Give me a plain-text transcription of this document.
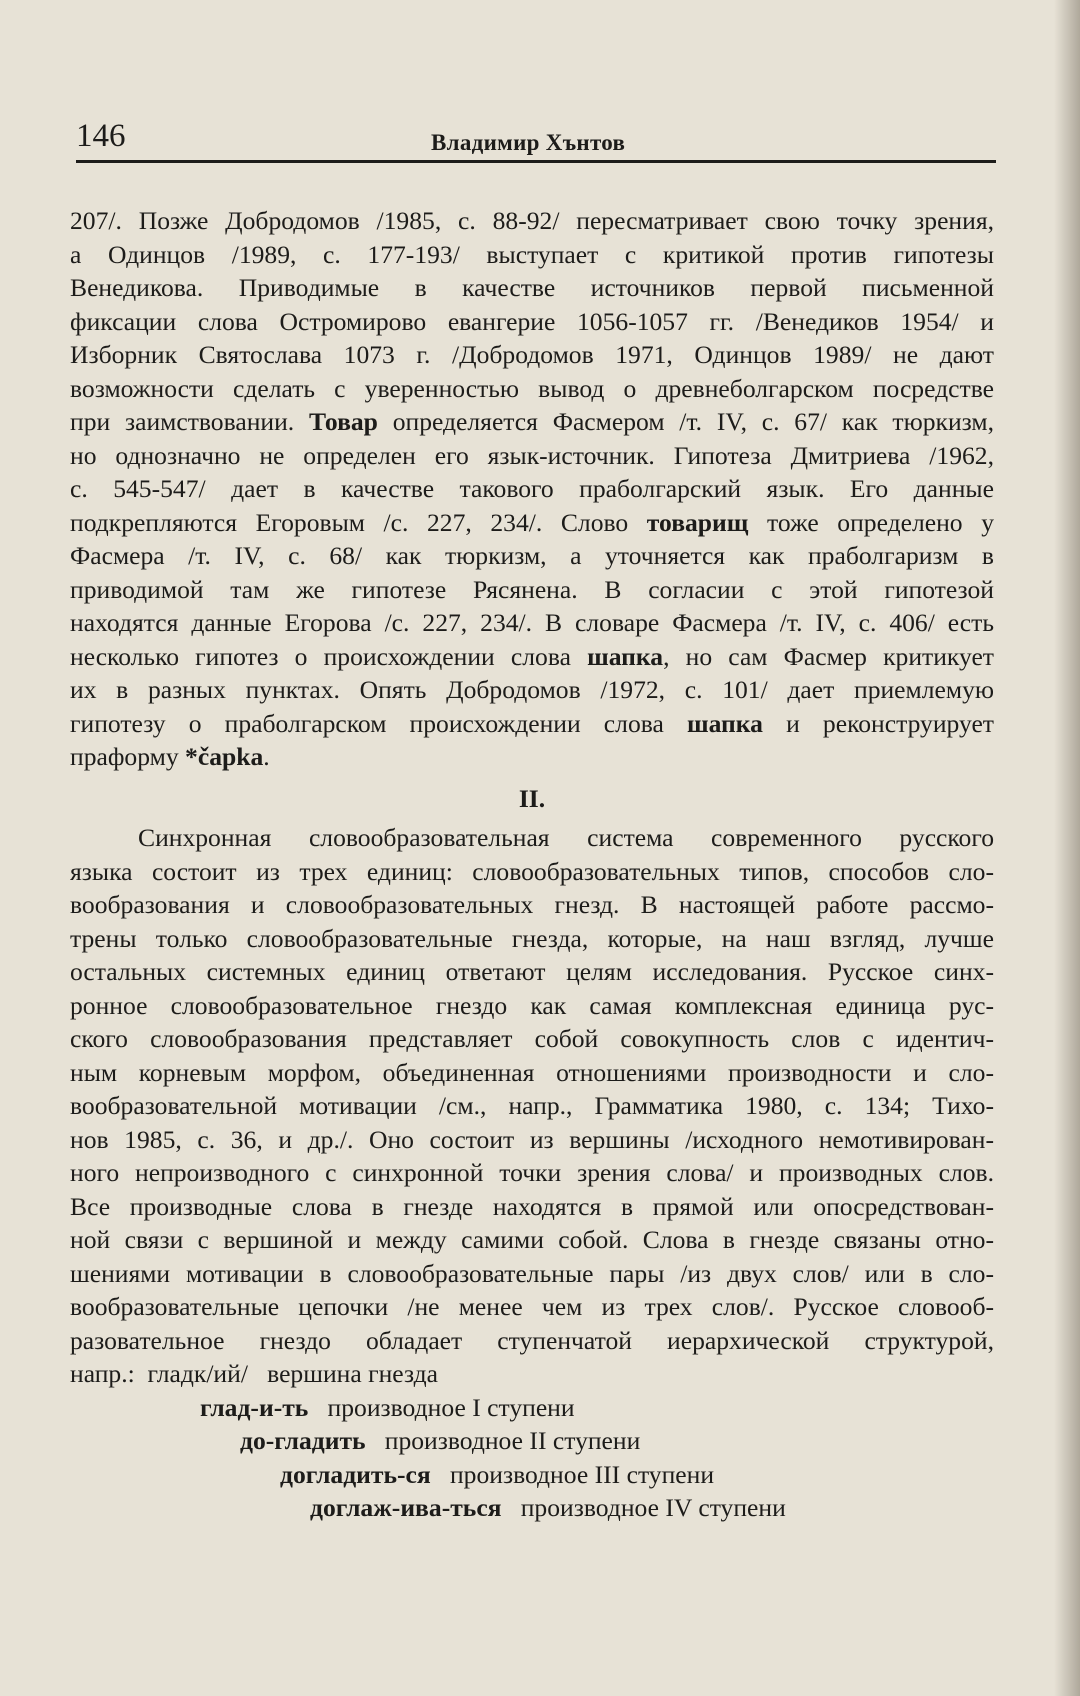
146	Владимир Хънтов
207/. Позже Добродомов /1985, с. 88-92/ пересматривает свою точку зрения,
а Одинцов /1989, с. 177-193/ выступает с критикой против гипотезы
Венедикова. Приводимые в качестве источников первой письменной
фиксации слова Остромирово евангерие 1056-1057 гг. /Венедиков 1954/ и
Изборник Святослава 1073 г. /Добродомов 1971, Одинцов 1989/ не дают
возможности сделать с уверенностью вывод о древнеболгарском посредстве
при заимствовании. Товар определяется Фасмером /т. IV, с. 67/ как тюркизм,
но однозначно не определен его язык-источник. Гипотеза Дмитриева /1962,
с. 545-547/ дает в качестве такового праболгарский язык. Его данные
подкрепляются Егоровым /с. 227, 234/. Слово товарищ тоже определено у
Фасмера /т. IV, с. 68/ как тюркизм, а уточняется как праболгаризм в
приводимой там же гипотезе Рясянена. В согласии с этой гипотезой
находятся данные Егорова /с. 227, 234/. В словаре Фасмера /т. IV, с. 406/ есть
несколько гипотез о происхождении слова шапка, но сам Фасмер критикует
их в разных пунктах. Опять Добродомов /1972, с. 101/ дает приемлемую
гипотезу о праболгарском происхождении слова шапка и реконструирует
праформу *čapka.
II.
Синхронная словообразовательная система современного русского
языка состоит из трех единиц: словообразовательных типов, способов сло-
вообразования и словообразовательных гнезд. В настоящей работе рассмо-
трены только словообразовательные гнезда, которые, на наш взгляд, лучше
остальных системных единиц ответают целям исследования. Русское синх-
ронное словообразовательное гнездо как самая комплексная единица рус-
ского словообразования представляет собой совокупность слов с идентич-
ным корневым морфом, объединенная отношениями производности и сло-
вообразовательной мотивации /см., напр., Грамматика 1980, с. 134; Тихо-
нов 1985, с. 36, и др./. Оно состоит из вершины /исходного немотивирован-
ного непроизводного с синхронной точки зрения слова/ и производных слов.
Все производные слова в гнезде находятся в прямой или опосредствован-
ной связи с вершиной и между самими собой. Слова в гнезде связаны отно-
шениями мотивации в словообразовательные пары /из двух слов/ или в сло-
вообразовательные цепочки /не менее чем из трех слов/. Русское словооб-
разовательное гнездо обладает ступенчатой иерархической структурой,
напр.: гладк/ий/ вершина гнезда
глад-и-ть производное I ступени
до-гладить производное II ступени
догладить-ся производное III ступени
доглаж-ива-ться производное IV ступени
